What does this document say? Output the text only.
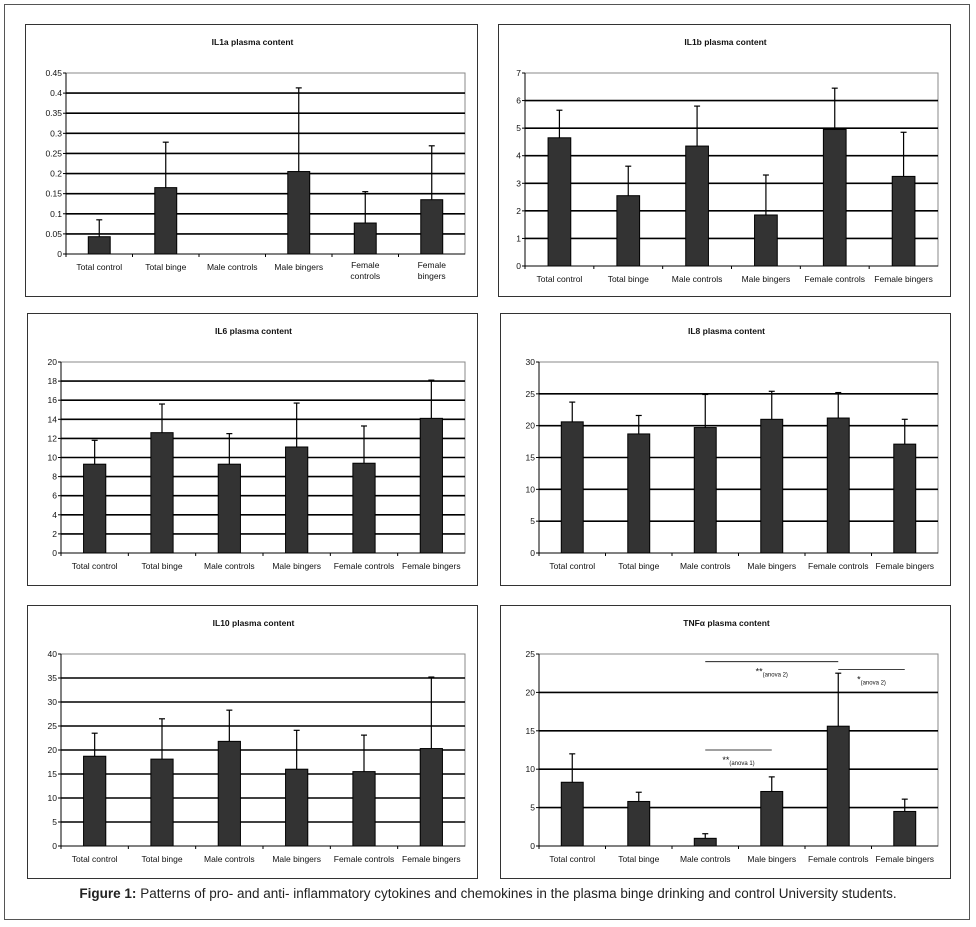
IL1a plasma content
0
0.05
0.1
0.15
0.2
0.25
0.3
0.35
0.4
0.45
Total control	Total binge Male controls Male bingers	Female
controls
Female
bingers
IL1b plasma content
0
1
2
3
4
5
6
7
Total control	Total binge	Male controls Male bingers Female controls Female bingers
IL6 plasma content
0
2
4
6
8
10
12
14
16
18
20
Total control	Total binge	Male controls Male bingers Female controls Female bingers
IL8 plasma content
0
5
10
15
20
25
30
Total control	Total binge Male controls Male bingers Female controls Female bingers
IL10 plasma content
0
5
10
15
20
25
30
35
40
Total control	Total binge	Male controls Male bingers Female controls Female bingers
TNFα plasma content
0
5
10
15
20
25
Total control	Total binge Male controls Male bingers Female controls Female bingers
$**_{(anova 2)}$	$*_{(anova 2)}$
$**_{(anova 1)}$
Figure 1: Patterns of pro- and anti- inflammatory cytokines and chemokines in the plasma binge drinking and control University students.
